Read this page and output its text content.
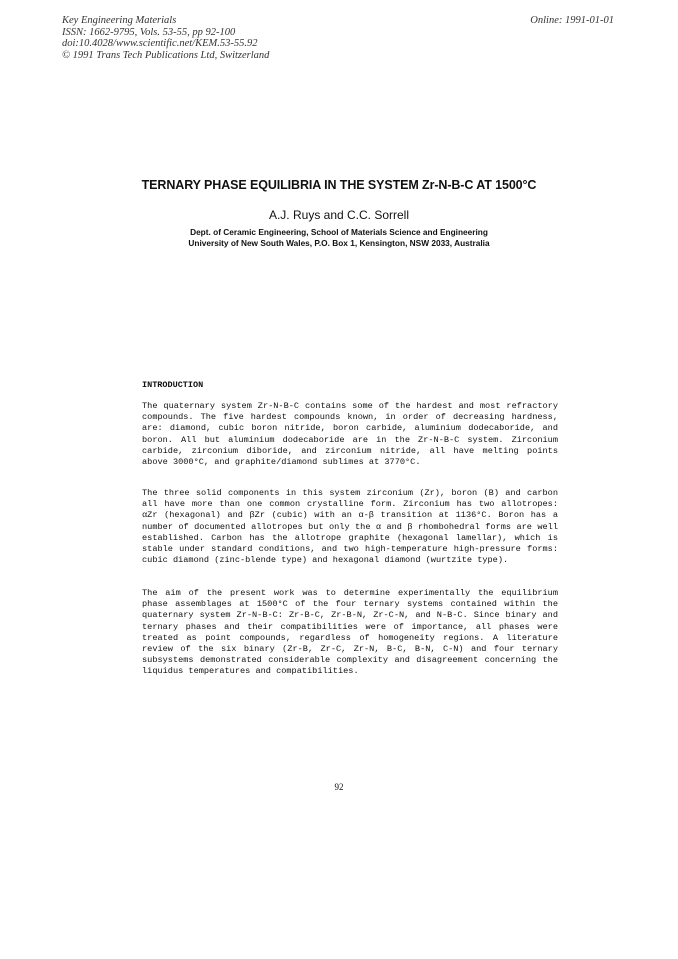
Key Engineering Materials
ISSN: 1662-9795, Vols. 53-55, pp 92-100
doi:10.4028/www.scientific.net/KEM.53-55.92
© 1991 Trans Tech Publications Ltd, Switzerland
Online: 1991-01-01
TERNARY PHASE EQUILIBRIA IN THE SYSTEM Zr-N-B-C AT 1500°C
A.J. Ruys and C.C. Sorrell
Dept. of Ceramic Engineering, School of Materials Science and Engineering
University of New South Wales, P.O. Box 1, Kensington, NSW 2033, Australia
INTRODUCTION

The quaternary system Zr-N-B-C contains some of the hardest and most refractory compounds. The five hardest compounds known, in order of decreasing hardness, are: diamond, cubic boron nitride, boron carbide, aluminium dodecaboride, and boron. All but aluminium dodecaboride are in the Zr-N-B-C system. Zirconium carbide, zirconium diboride, and zirconium nitride, all have melting points above 3000°C, and graphite/diamond sublimes at 3770°C.

The three solid components in this system zirconium (Zr), boron (B) and carbon all have more than one common crystalline form. Zirconium has two allotropes: αZr (hexagonal) and βZr (cubic) with an α-β transition at 1136°C. Boron has a number of documented allotropes but only the α and β rhombohedral forms are well established. Carbon has the allotrope graphite (hexagonal lamellar), which is stable under standard conditions, and two high-temperature high-pressure forms: cubic diamond (zinc-blende type) and hexagonal diamond (wurtzite type).

The aim of the present work was to determine experimentally the equilibrium phase assemblages at 1500°C of the four ternary systems contained within the quaternary system Zr-N-B-C: Zr-B-C, Zr-B-N, Zr-C-N, and N-B-C. Since binary and ternary phases and their compatibilities were of importance, all phases were treated as point compounds, regardless of homogeneity regions. A literature review of the six binary (Zr-B, Zr-C, Zr-N, B-C, B-N, C-N) and four ternary subsystems demonstrated considerable complexity and disagreement concerning the liquidus temperatures and compatibilities.

92
